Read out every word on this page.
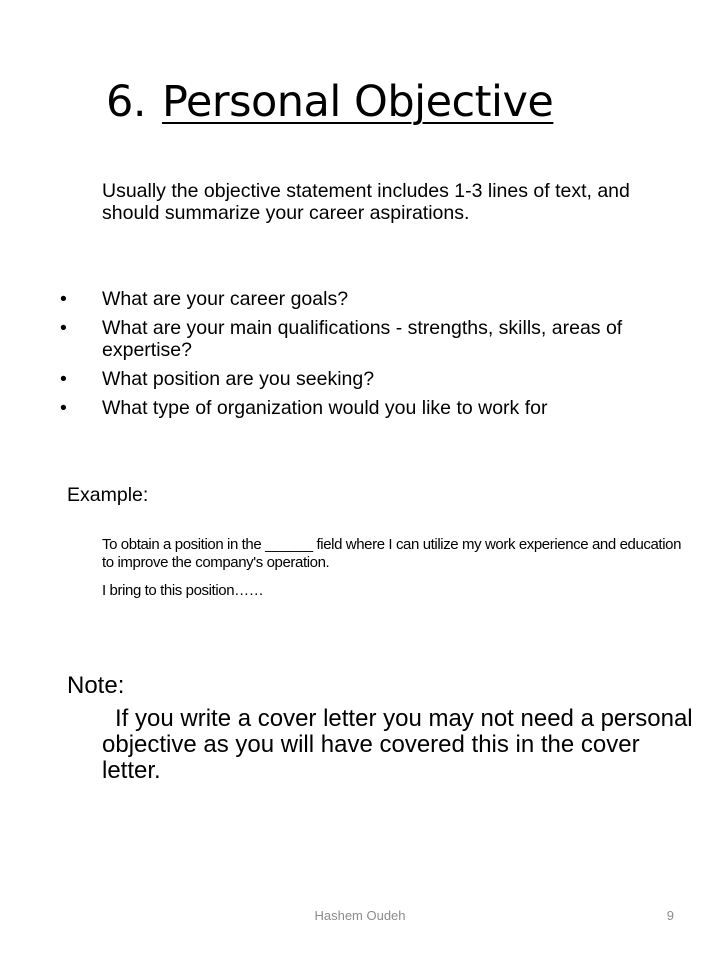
6. Personal Objective
Usually the objective statement includes 1-3 lines of text, and should summarize your career aspirations.
• What are your career goals?
• What are your main qualifications - strengths, skills, areas of expertise?
• What position are you seeking?
• What type of organization would you like to work for
Example:
To obtain a position in the ______ field where I can utilize my work experience and education to improve the company's operation.
I bring to this position……
Note:
If you write a cover letter you may not need a personal objective as you will have covered this in the cover letter.
Hashem Oudeh	9
